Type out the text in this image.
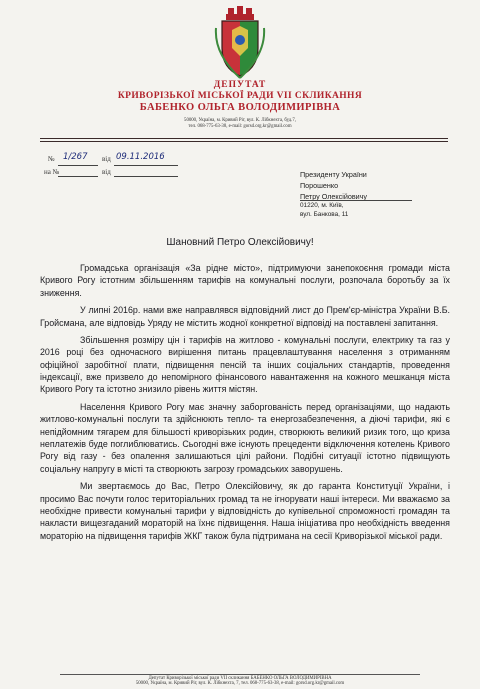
ДЕПУТАТ
КРИВОРІЗЬКОЇ МІСЬКОЇ РАДИ VII СКЛИКАННЯ
БАБЕНКО ОЛЬГА ВОЛОДИМИРІВНА
50000, Україна, м. Кривий Ріг, вул. К. Лібкнехта, буд.7,
тел. 068-775-63-38, e-mail: gorsd.org.kr@gmail.com
№ 1/267 від 09.11.2016
на №	від	Президенту України
Порошенко
Петру Олексійовичу
01220, м. Київ,
вул. Банкова, 11
Шановний Петро Олексійовичу!

Громадська організація «За рідне місто», підтримуючи занепокоєння громади міста Кривого Рогу істотним збільшенням тарифів на комунальні послуги, розпочала боротьбу за їх зниження.

У липні 2016р. нами вже направлявся відповідний лист до Прем'єр-міністра України В.Б. Гройсмана, але відповідь Уряду не містить жодної конкретної відповіді на поставлені запитання.

Збільшення розміру цін і тарифів на житлово - комунальні послуги, електрику та газ у 2016 році без одночасного вирішення питань працевлаштування населення з отриманням офіційної заробітної плати, підвищення пенсій та інших соціальних стандартів, проведення індексації, вже призвело до непомірного фінансового навантаження на кожного мешканця міста Кривого Рогу та істотно знизило рівень життя містян.

Населення Кривого Рогу має значну заборгованість перед організаціями, що надають житлово-комунальні послуги та здійснюють тепло- та енергозабезпечення, а діючі тарифи, які є непідйомним тягарем для більшості криворізьких родин, створюють великий ризик того, що криза неплатежів буде поглиблюватись. Сьогодні вже існують прецеденти відключення котелень Кривого Рогу від газу - без опалення залишаються цілі райони. Подібні ситуації істотно підвищують соціальну напругу в місті та створюють загрозу громадських заворушень.

Ми звертаємось до Вас, Петро Олексійовичу, як до гаранта Конституції України, і просимо Вас почути голос територіальних громад та не ігнорувати наші інтереси. Ми вважаємо за необхідне привести комунальні тарифи у відповідність до купівельної спроможності громадян та накласти вищезгаданий мораторій на їхнє підвищення. Наша ініціатива про необхідність введення мораторію на підвищення тарифів ЖКГ також була підтримана на сесії Криворізької міської ради.

Депутат Криворізької міської ради VII скликання БАБЕНКО ОЛЬГА ВОЛОДИМИРІВНА
50000, Україна, м. Кривий Ріг, вул. К. Лібкнехта, 7, тел. 068-775-63-38, e-mail: gorsd.org.kr@gmail.com
